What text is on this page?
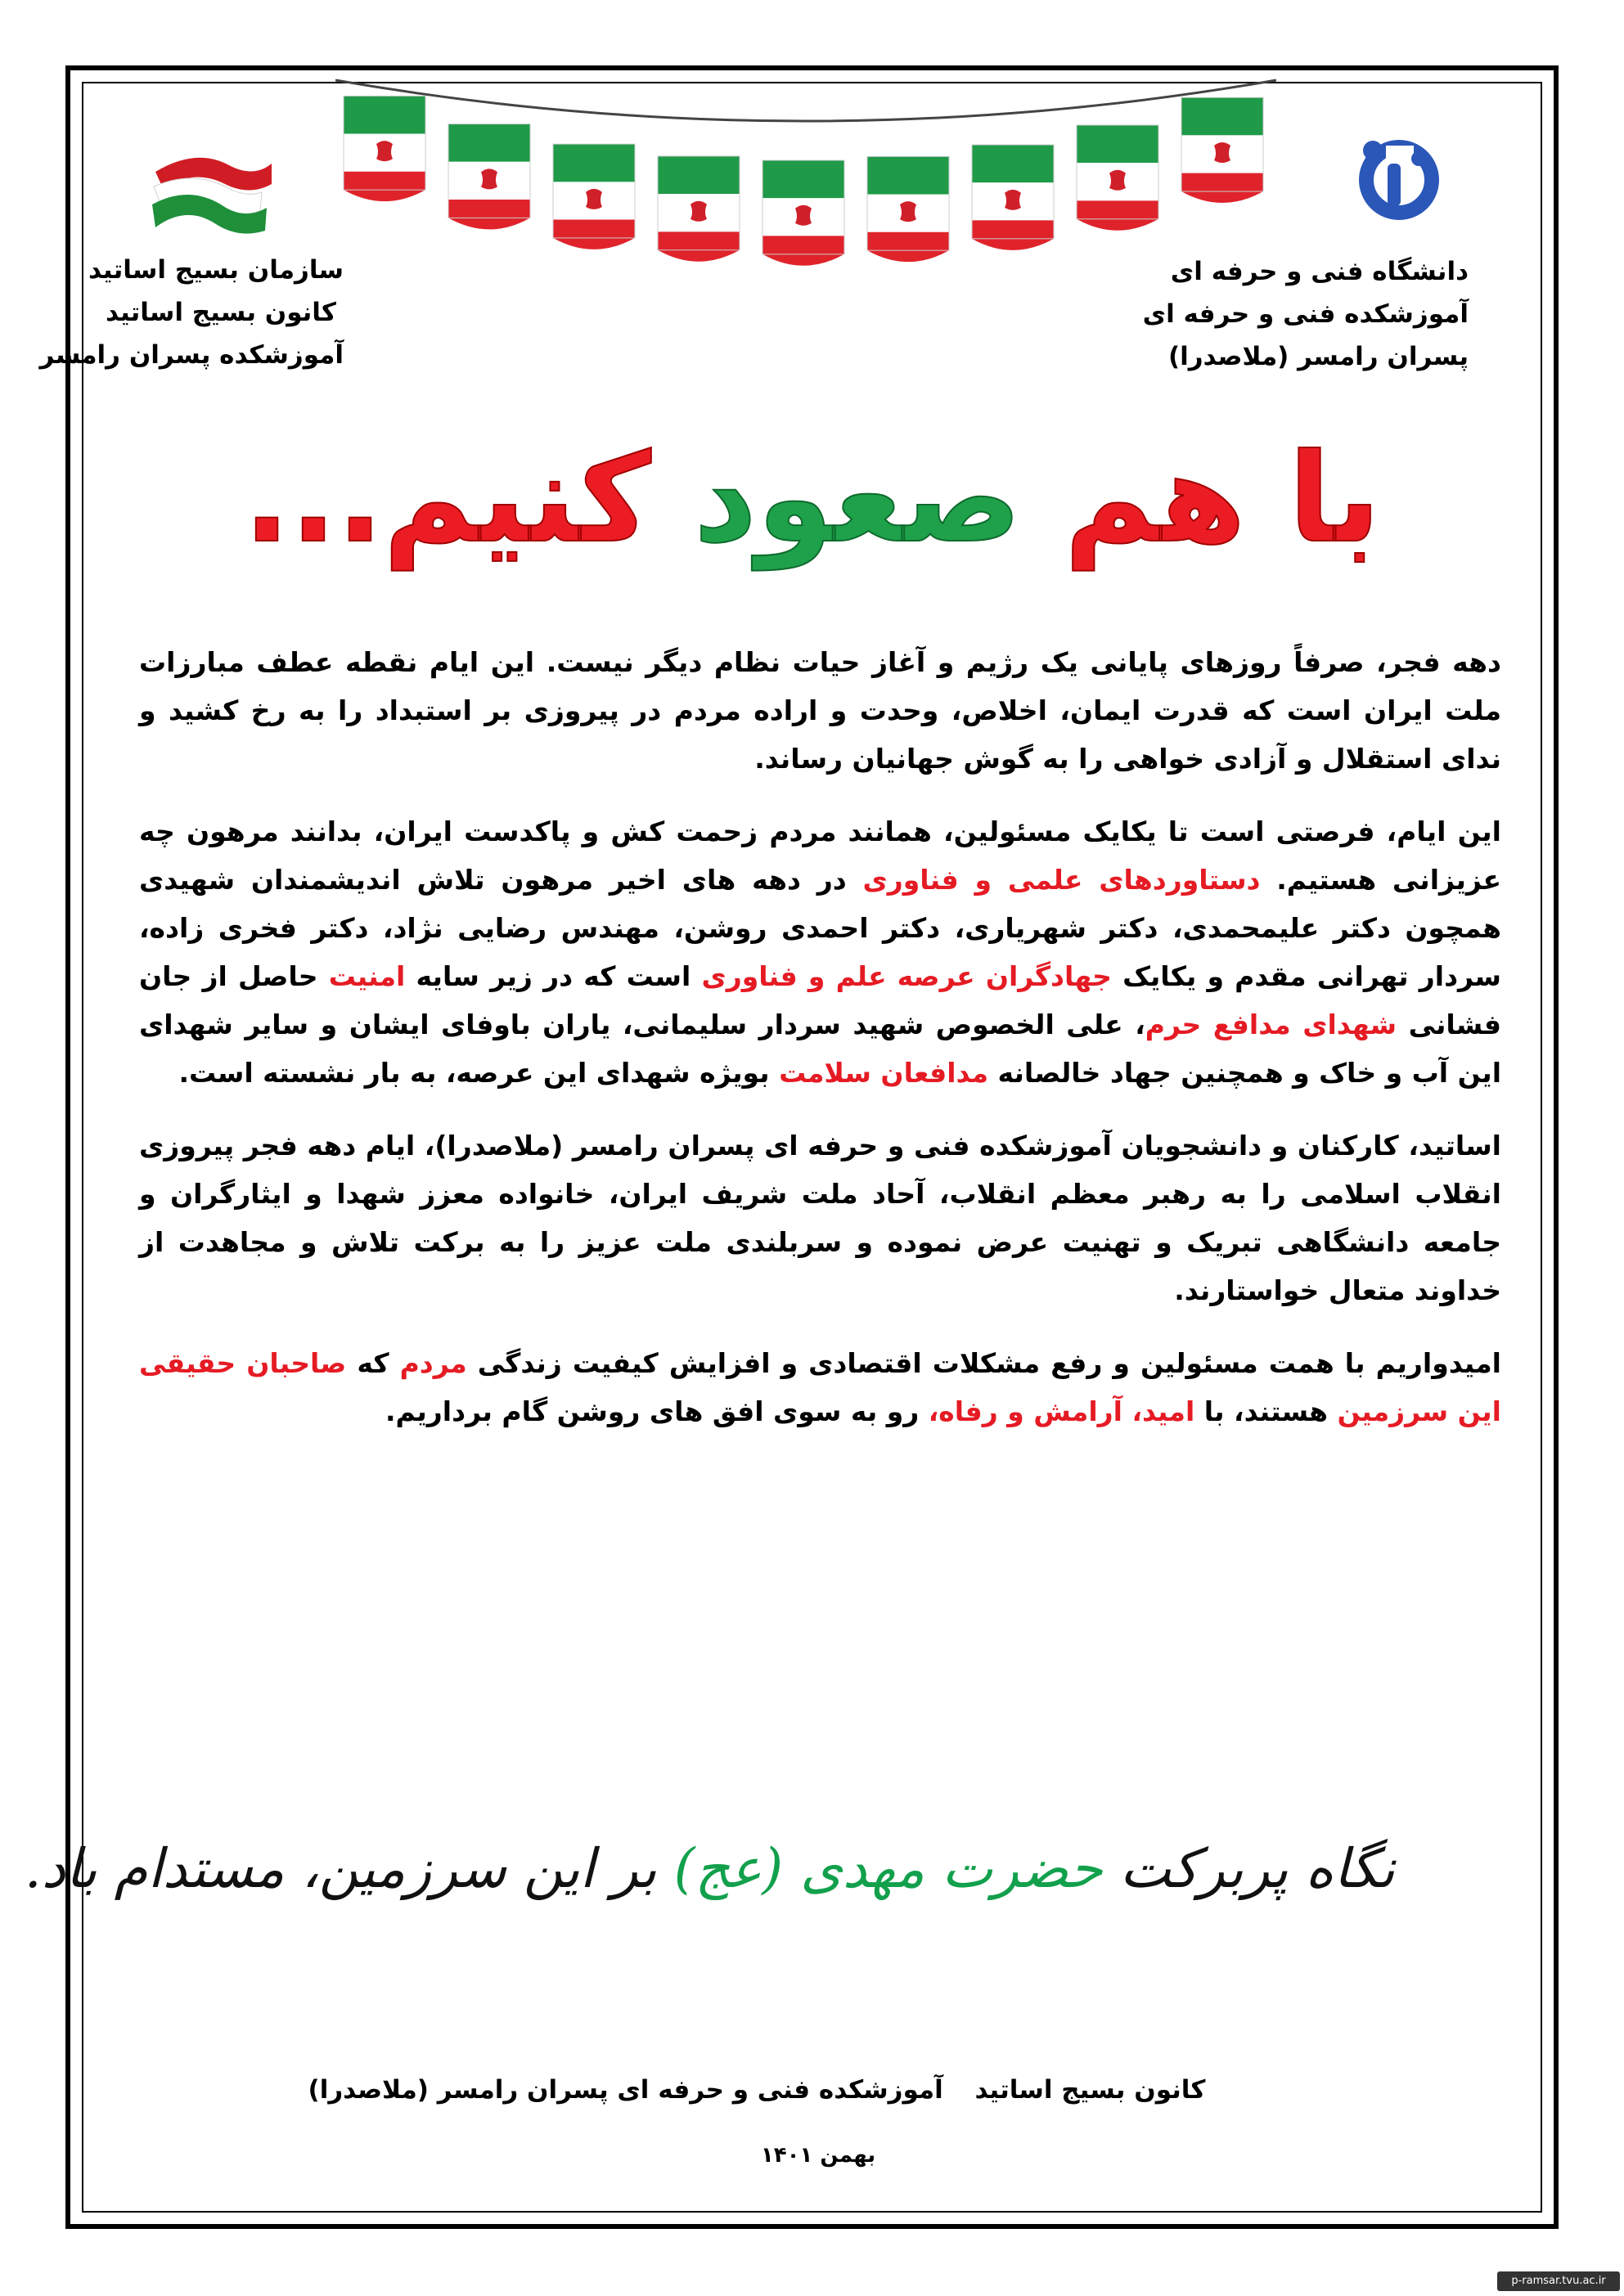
دانشگاه فنی و حرفه ای
آموزشکده فنی و حرفه ای
پسران رامسر (ملاصدرا)
سازمان بسیج اساتید
کانون بسیج اساتید
آموزشکده پسران رامسر
با هم صعود کنیم...

دهه فجر، صرفاً روزهای پایانی یک رژیم و آغاز حیات نظام دیگر نیست. این ایام نقطه عطف مبارزات ملت ایران است که قدرت ایمان، اخلاص، وحدت و اراده مردم در پیروزی بر استبداد را به رخ کشید و ندای استقلال و آزادی خواهی را به گوش جهانیان رساند.

این ایام، فرصتی است تا یکایک مسئولین، همانند مردم زحمت کش و پاکدست ایران، بدانند مرهون چه عزیزانی هستیم. دستاوردهای علمی و فناوری در دهه های اخیر مرهون تلاش اندیشمندان شهیدی همچون دکتر علیمحمدی، دکتر شهریاری، دکتر احمدی روشن، مهندس رضایی نژاد، دکتر فخری زاده، سردار تهرانی مقدم و یکایک جهادگران عرصه علم و فناوری است که در زیر سایه امنیت حاصل از جان فشانی شهدای مدافع حرم، علی الخصوص شهید سردار سلیمانی، یاران باوفای ایشان و سایر شهدای این آب و خاک و همچنین جهاد خالصانه مدافعان سلامت بویژه شهدای این عرصه، به بار نشسته است.

اساتید، کارکنان و دانشجویان آموزشکده فنی و حرفه ای پسران رامسر (ملاصدرا)، ایام دهه فجر پیروزی انقلاب اسلامی را به رهبر معظم انقلاب، آحاد ملت شریف ایران، خانواده معزز شهدا و ایثارگران و جامعه دانشگاهی تبریک و تهنیت عرض نموده و سربلندی ملت عزیز را به برکت تلاش و مجاهدت از خداوند متعال خواستارند.

امیدواریم با همت مسئولین و رفع مشکلات اقتصادی و افزایش کیفیت زندگی مردم که صاحبان حقیقی این سرزمین هستند، با امید، آرامش و رفاه، رو به سوی افق های روشن گام برداریم.

نگاه پربرکت حضرت مهدی (عج) بر این سرزمین، مستدام باد.
کانون بسیج اساتید آموزشکده فنی و حرفه ای پسران رامسر (ملاصدرا)
بهمن ۱۴۰۱
p-ramsar.tvu.ac.ir
